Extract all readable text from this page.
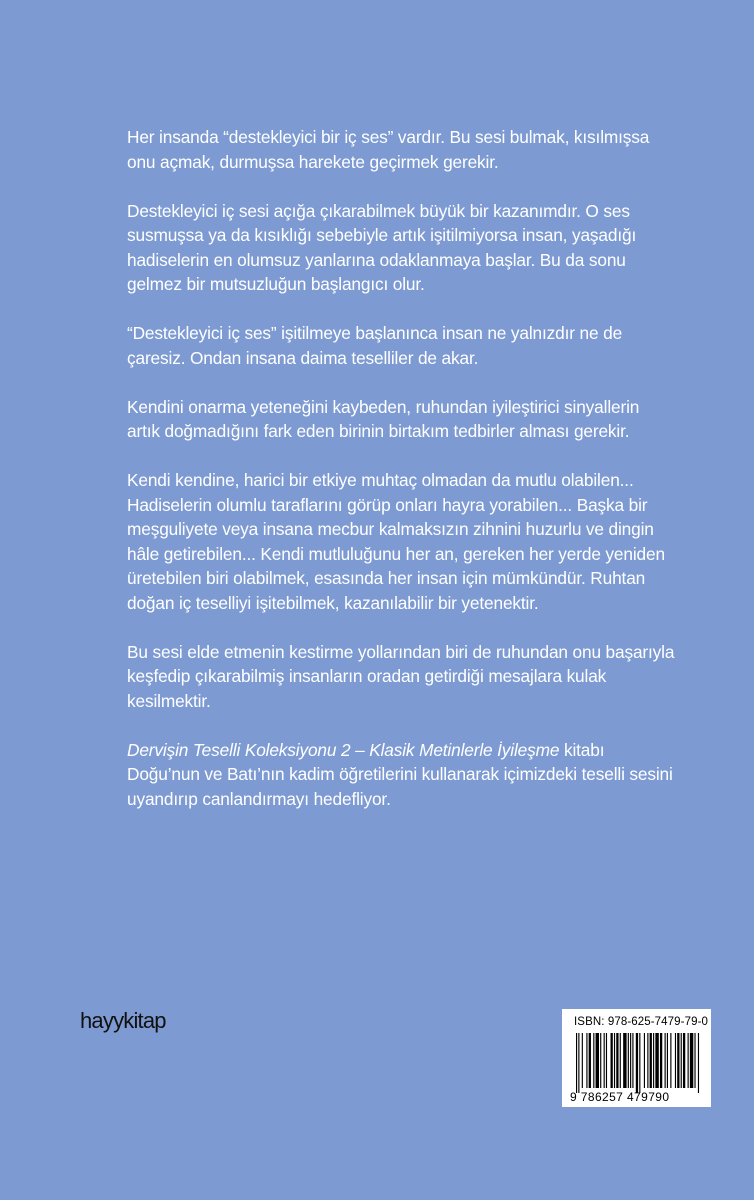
Her insanda “destekleyici bir iç ses” vardır. Bu sesi bulmak, kısılmışsa onu açmak, durmuşsa harekete geçirmek gerekir.

Destekleyici iç sesi açığa çıkarabilmek büyük bir kazanımdır. O ses susmuşsa ya da kısıklığı sebebiyle artık işitilmiyorsa insan, yaşadığı hadiselerin en olumsuz yanlarına odaklanmaya başlar. Bu da sonu gelmez bir mutsuzluğun başlangıcı olur.

“Destekleyici iç ses” işitilmeye başlanınca insan ne yalnızdır ne de çaresiz. Ondan insana daima teselliler de akar.

Kendini onarma yeteneğini kaybeden, ruhundan iyileştirici sinyallerin artık doğmadığını fark eden birinin birtakım tedbirler alması gerekir.

Kendi kendine, harici bir etkiye muhtaç olmadan da mutlu olabilen... Hadiselerin olumlu taraflarını görüp onları hayra yorabilen... Başka bir meşguliyete veya insana mecbur kalmaksızın zihnini huzurlu ve dingin hâle getirebilen... Kendi mutluluğunu her an, gereken her yerde yeniden üretebilen biri olabilmek, esasında her insan için mümkündür. Ruhtan doğan iç teselliyi işitebilmek, kazanılabilir bir yetenektir.

Bu sesi elde etmenin kestirme yollarından biri de ruhundan onu başarıyla keşfedip çıkarabilmiş insanların oradan getirdiği mesajlara kulak kesilmektir.

Dervişin Teselli Koleksiyonu 2 – Klasik Metinlerle İyileşme kitabı Doğu’nun ve Batı’nın kadim öğretilerini kullanarak içimizdeki teselli sesini uyandırıp canlandırmayı hedefliyor.

hayykitap	ISBN: 978-625-7479-79-0
9 786257 479790
